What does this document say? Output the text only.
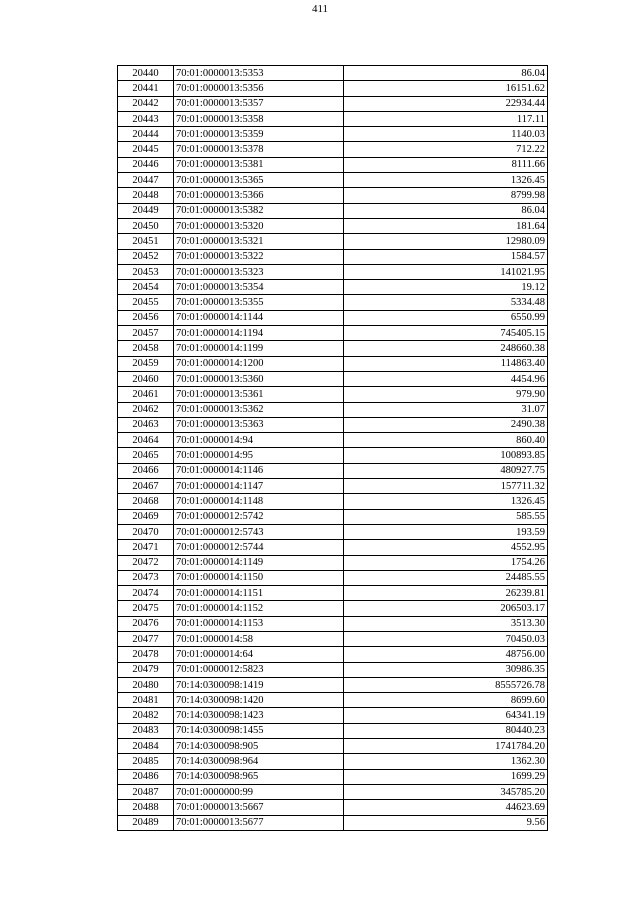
411
20440	70:01:0000013:5353	86.04
20441	70:01:0000013:5356	16151.62
20442	70:01:0000013:5357	22934.44
20443	70:01:0000013:5358	117.11
20444	70:01:0000013:5359	1140.03
20445	70:01:0000013:5378	712.22
20446	70:01:0000013:5381	8111.66
20447	70:01:0000013:5365	1326.45
20448	70:01:0000013:5366	8799.98
20449	70:01:0000013:5382	86.04
20450	70:01:0000013:5320	181.64
20451	70:01:0000013:5321	12980.09
20452	70:01:0000013:5322	1584.57
20453	70:01:0000013:5323	141021.95
20454	70:01:0000013:5354	19.12
20455	70:01:0000013:5355	5334.48
20456	70:01:0000014:1144	6550.99
20457	70:01:0000014:1194	745405.15
20458	70:01:0000014:1199	248660.38
20459	70:01:0000014:1200	114863.40
20460	70:01:0000013:5360	4454.96
20461	70:01:0000013:5361	979.90
20462	70:01:0000013:5362	31.07
20463	70:01:0000013:5363	2490.38
20464	70:01:0000014:94	860.40
20465	70:01:0000014:95	100893.85
20466	70:01:0000014:1146	480927.75
20467	70:01:0000014:1147	157711.32
20468	70:01:0000014:1148	1326.45
20469	70:01:0000012:5742	585.55
20470	70:01:0000012:5743	193.59
20471	70:01:0000012:5744	4552.95
20472	70:01:0000014:1149	1754.26
20473	70:01:0000014:1150	24485.55
20474	70:01:0000014:1151	26239.81
20475	70:01:0000014:1152	206503.17
20476	70:01:0000014:1153	3513.30
20477	70:01:0000014:58	70450.03
20478	70:01:0000014:64	48756.00
20479	70:01:0000012:5823	30986.35
20480	70:14:0300098:1419	8555726.78
20481	70:14:0300098:1420	8699.60
20482	70:14:0300098:1423	64341.19
20483	70:14:0300098:1455	80440.23
20484	70:14:0300098:905	1741784.20
20485	70:14:0300098:964	1362.30
20486	70:14:0300098:965	1699.29
20487	70:01:0000000:99	345785.20
20488	70:01:0000013:5667	44623.69
20489	70:01:0000013:5677	9.56
